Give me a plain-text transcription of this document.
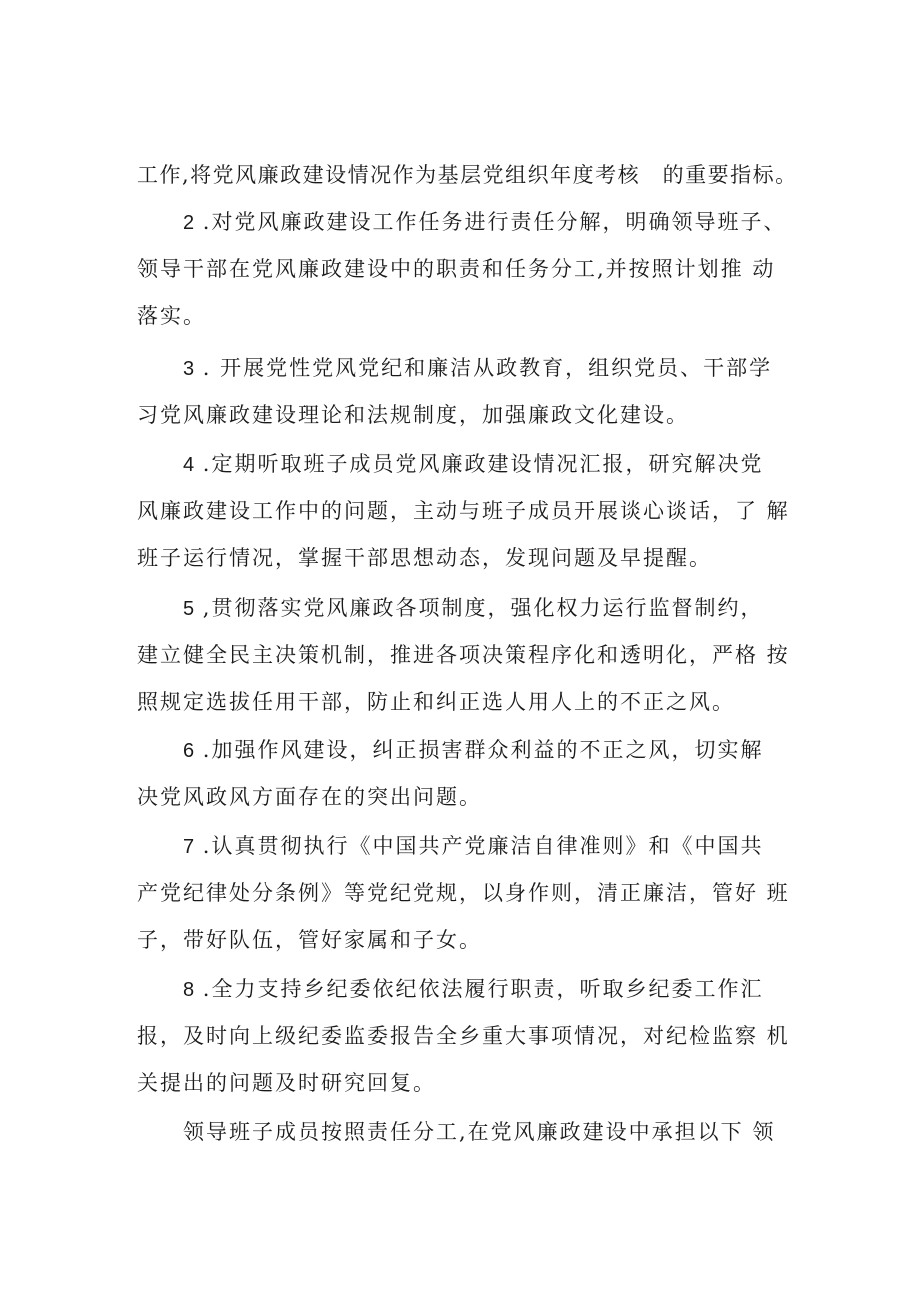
工作,将党风廉政建设情况作为基层党组织年度考核　的重要指标。
2 .对党风廉政建设工作任务进行责任分解，明确领导班子、
领导干部在党风廉政建设中的职责和任务分工,并按照计划推 动
落实。
3 . 开展党性党风党纪和廉洁从政教育，组织党员、干部学
习党风廉政建设理论和法规制度，加强廉政文化建设。
4 .定期听取班子成员党风廉政建设情况汇报，研究解决党
风廉政建设工作中的问题，主动与班子成员开展谈心谈话，了 解
班子运行情况，掌握干部思想动态，发现问题及早提醒。
5 ,贯彻落实党风廉政各项制度，强化权力运行监督制约，
建立健全民主决策机制，推进各项决策程序化和透明化，严格 按
照规定选拔任用干部，防止和纠正选人用人上的不正之风。
6 .加强作风建设，纠正损害群众利益的不正之风，切实解
决党风政风方面存在的突出问题。
7 .认真贯彻执行《中国共产党廉洁自律准则》和《中国共
产党纪律处分条例》等党纪党规，以身作则，清正廉洁，管好 班
子，带好队伍，管好家属和子女。
8 .全力支持乡纪委依纪依法履行职责，听取乡纪委工作汇
报，及时向上级纪委监委报告全乡重大事项情况，对纪检监察 机
关提出的问题及时研究回复。
领导班子成员按照责任分工,在党风廉政建设中承担以下 领
